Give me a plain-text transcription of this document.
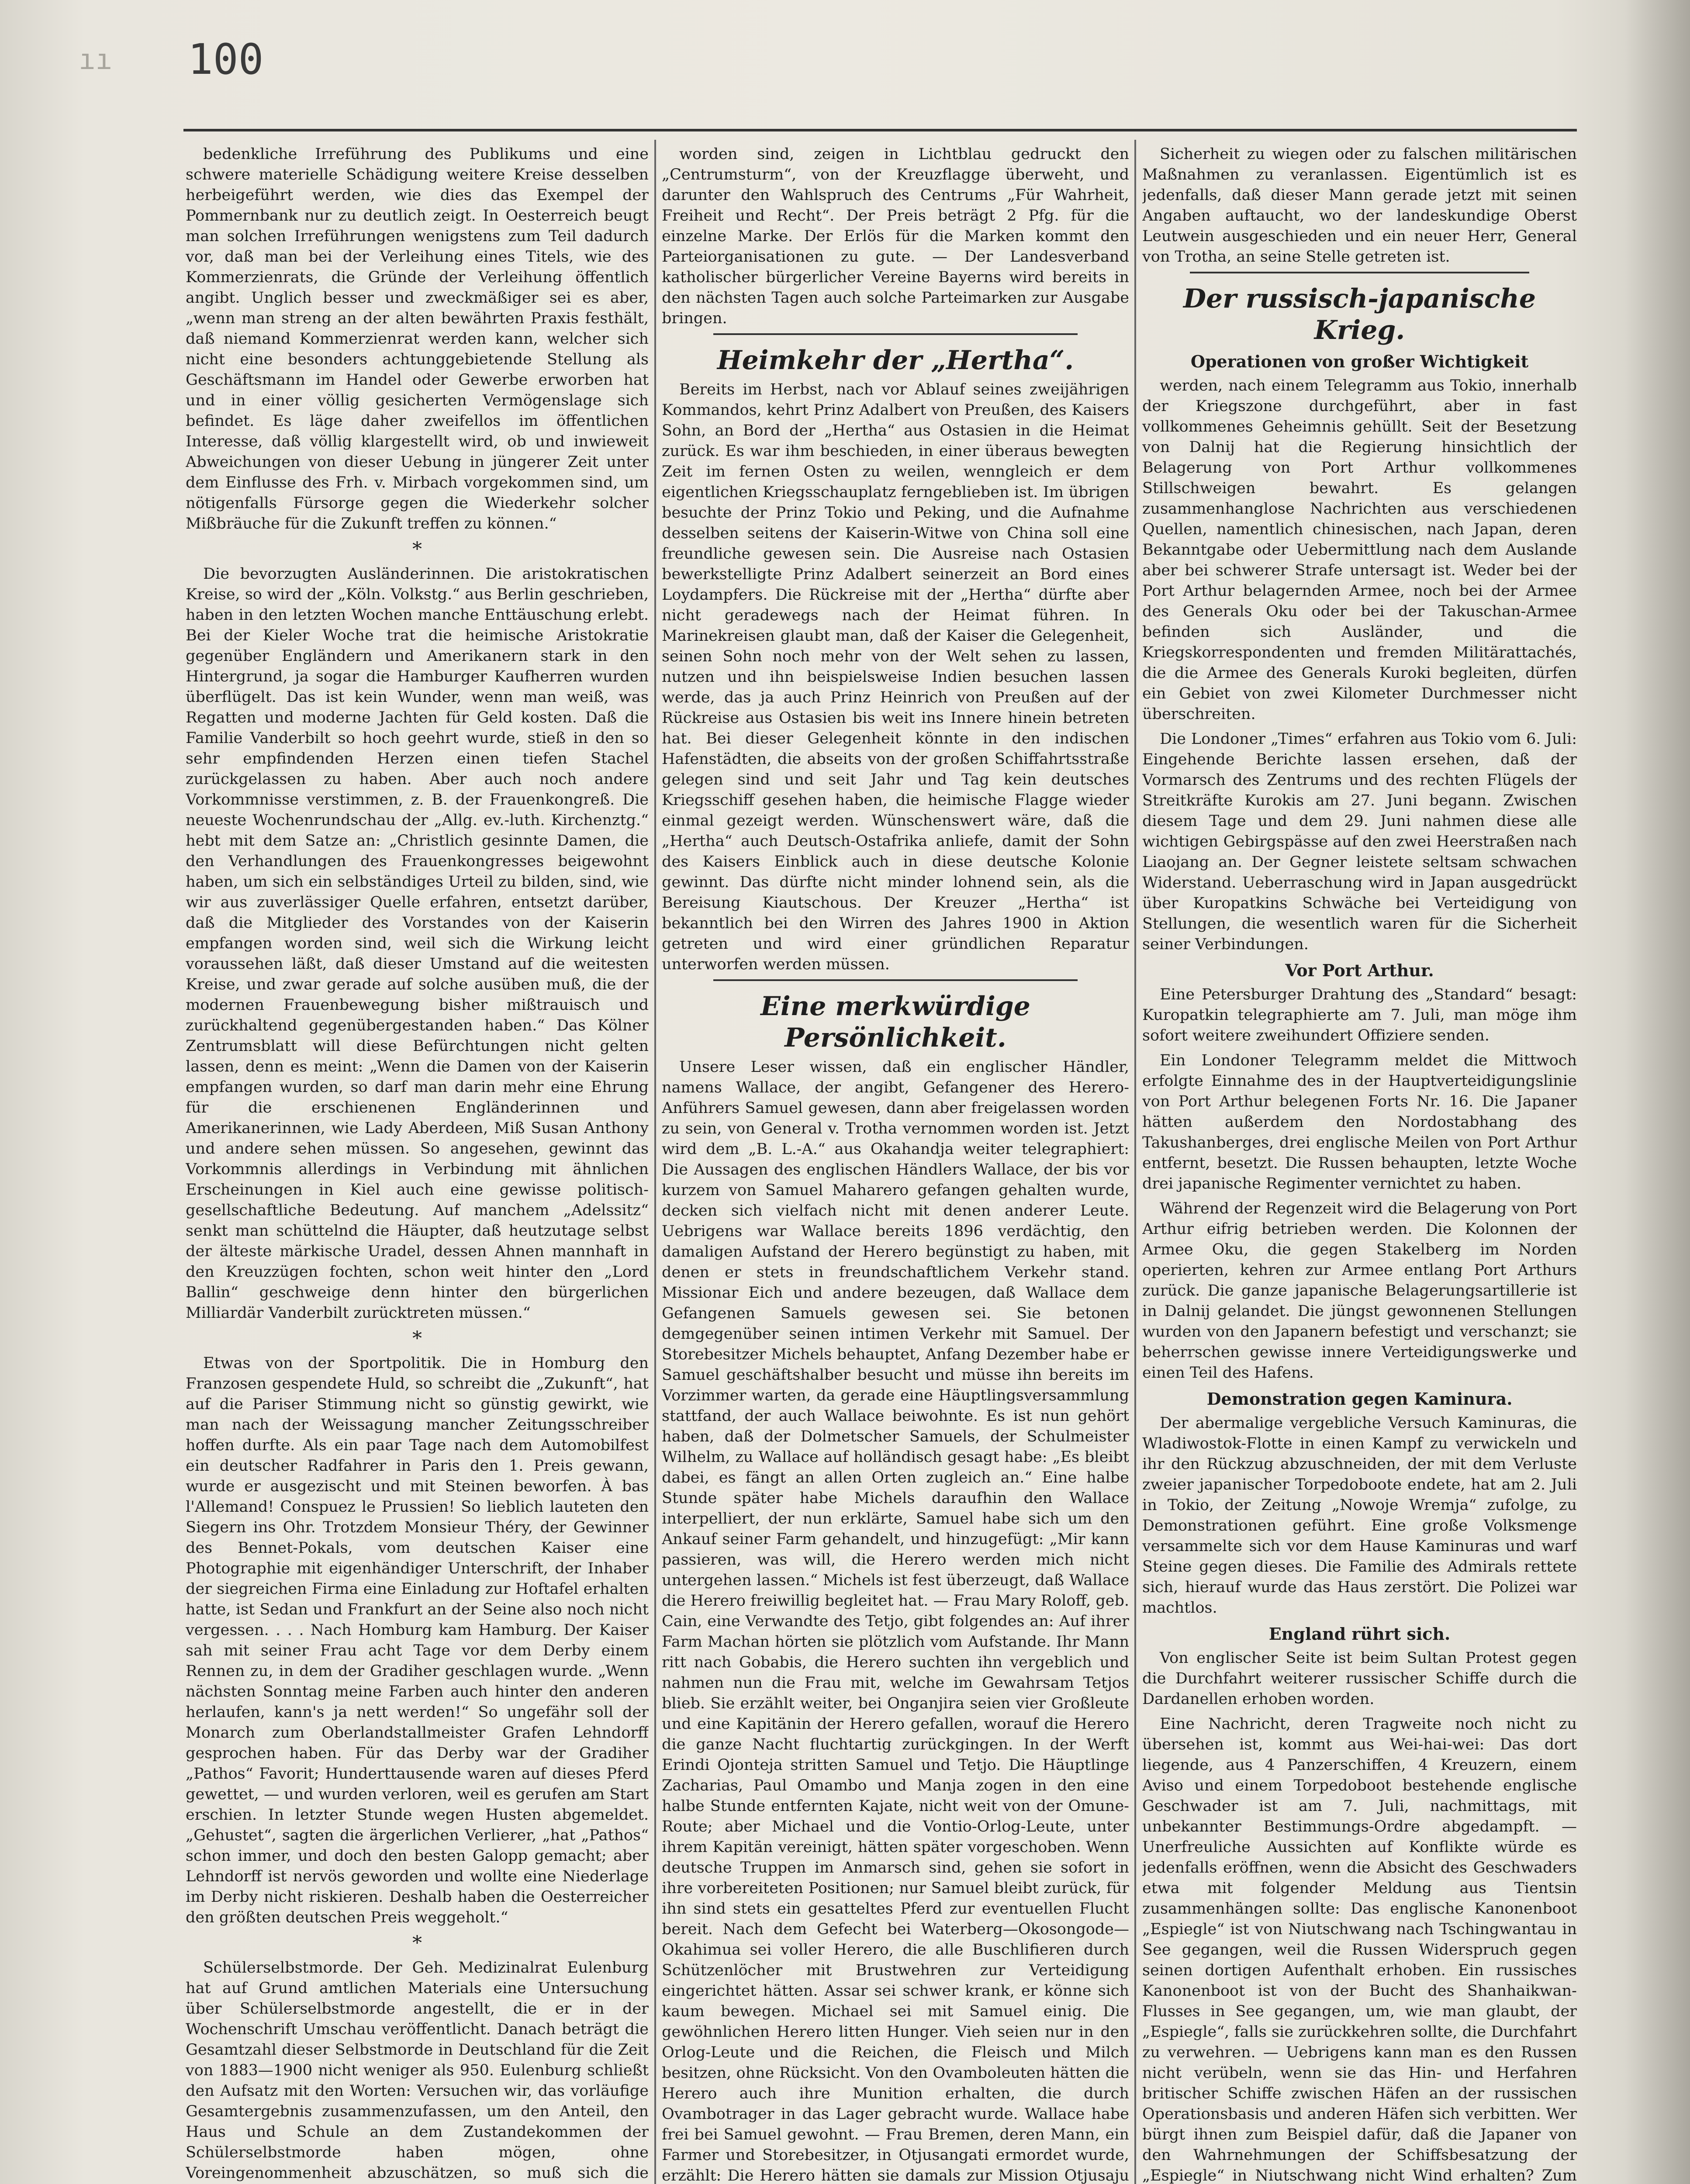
ıı 100

bedenkliche Irreführung des Publikums und eine schwere materielle Schädigung weitere Kreise desselben herbeigeführt werden, wie dies das Exempel der Pommernbank nur zu deutlich zeigt. In Oesterreich beugt man solchen Irreführungen wenigstens zum Teil dadurch vor, daß man bei der Verleihung eines Titels, wie des Kommerzienrats, die Gründe der Verleihung öffentlich angibt. Unglich besser und zweckmäßiger sei es aber, „wenn man streng an der alten bewährten Praxis festhält, daß niemand Kommerzienrat werden kann, welcher sich nicht eine besonders achtunggebietende Stellung als Geschäftsmann im Handel oder Gewerbe erworben hat und in einer völlig gesicherten Vermögenslage sich befindet. Es läge daher zweifellos im öffentlichen Interesse, daß völlig klargestellt wird, ob und inwieweit Abweichungen von dieser Uebung in jüngerer Zeit unter dem Einflusse des Frh. v. Mirbach vorgekommen sind, um nötigenfalls Fürsorge gegen die Wiederkehr solcher Mißbräuche für die Zukunft treffen zu können.“

*

Die bevorzugten Ausländerinnen. Die aristokratischen Kreise, so wird der „Köln. Volkstg.“ aus Berlin geschrieben, haben in den letzten Wochen manche Enttäuschung erlebt. Bei der Kieler Woche trat die heimische Aristokratie gegenüber Engländern und Amerikanern stark in den Hintergrund, ja sogar die Hamburger Kaufherren wurden überflügelt. Das ist kein Wunder, wenn man weiß, was Regatten und moderne Jachten für Geld kosten. Daß die Familie Vanderbilt so hoch geehrt wurde, stieß in den so sehr empfindenden Herzen einen tiefen Stachel zurückgelassen zu haben. Aber auch noch andere Vorkommnisse verstimmen, z. B. der Frauenkongreß. Die neueste Wochenrundschau der „Allg. ev.-luth. Kirchenztg.“ hebt mit dem Satze an: „Christlich gesinnte Damen, die den Verhandlungen des Frauenkongresses beigewohnt haben, um sich ein selbständiges Urteil zu bilden, sind, wie wir aus zuverlässiger Quelle erfahren, entsetzt darüber, daß die Mitglieder des Vorstandes von der Kaiserin empfangen worden sind, weil sich die Wirkung leicht voraussehen läßt, daß dieser Umstand auf die weitesten Kreise, und zwar gerade auf solche ausüben muß, die der modernen Frauenbewegung bisher mißtrauisch und zurückhaltend gegenübergestanden haben.“ Das Kölner Zentrumsblatt will diese Befürchtungen nicht gelten lassen, denn es meint: „Wenn die Damen von der Kaiserin empfangen wurden, so darf man darin mehr eine Ehrung für die erschienenen Engländerinnen und Amerikanerinnen, wie Lady Aberdeen, Miß Susan Anthony und andere sehen müssen. So angesehen, gewinnt das Vorkommnis allerdings in Verbindung mit ähnlichen Erscheinungen in Kiel auch eine gewisse politisch-gesellschaftliche Bedeutung. Auf manchem „Adelssitz“ senkt man schüttelnd die Häupter, daß heutzutage selbst der älteste märkische Uradel, dessen Ahnen mannhaft in den Kreuzzügen fochten, schon weit hinter den „Lord Ballin“ geschweige denn hinter den bürgerlichen Milliardär Vanderbilt zurücktreten müssen.“

*

Etwas von der Sportpolitik. Die in Homburg den Franzosen gespendete Huld, so schreibt die „Zukunft“, hat auf die Pariser Stimmung nicht so günstig gewirkt, wie man nach der Weissagung mancher Zeitungsschreiber hoffen durfte. Als ein paar Tage nach dem Automobilfest ein deutscher Radfahrer in Paris den 1. Preis gewann, wurde er ausgezischt und mit Steinen beworfen. À bas l'Allemand! Conspuez le Prussien! So lieblich lauteten den Siegern ins Ohr. Trotzdem Monsieur Théry, der Gewinner des Bennet-Pokals, vom deutschen Kaiser eine Photographie mit eigenhändiger Unterschrift, der Inhaber der siegreichen Firma eine Einladung zur Hoftafel erhalten hatte, ist Sedan und Frankfurt an der Seine also noch nicht vergessen. . . . Nach Homburg kam Hamburg. Der Kaiser sah mit seiner Frau acht Tage vor dem Derby einem Rennen zu, in dem der Gradiher geschlagen wurde. „Wenn nächsten Sonntag meine Farben auch hinter den anderen herlaufen, kann's ja nett werden!“ So ungefähr soll der Monarch zum Oberlandstallmeister Grafen Lehndorff gesprochen haben. Für das Derby war der Gradiher „Pathos“ Favorit; Hunderttausende waren auf dieses Pferd gewettet, — und wurden verloren, weil es gerufen am Start erschien. In letzter Stunde wegen Husten abgemeldet. „Gehustet“, sagten die ärgerlichen Verlierer, „hat „Pathos“ schon immer, und doch den besten Galopp gemacht; aber Lehndorff ist nervös geworden und wollte eine Niederlage im Derby nicht riskieren. Deshalb haben die Oesterreicher den größten deutschen Preis weggeholt.“

*

Schülerselbstmorde. Der Geh. Medizinalrat Eulenburg hat auf Grund amtlichen Materials eine Untersuchung über Schülerselbstmorde angestellt, die er in der Wochenschrift Umschau veröffentlicht. Danach beträgt die Gesamtzahl dieser Selbstmorde in Deutschland für die Zeit von 1883—1900 nicht weniger als 950. Eulenburg schließt den Aufsatz mit den Worten: Versuchen wir, das vorläufige Gesamtergebnis zusammenzufassen, um den Anteil, den Haus und Schule an dem Zustandekommen der Schülerselbstmorde haben mögen, ohne Voreingenommenheit abzuschätzen, so muß sich die

worden sind, zeigen in Lichtblau gedruckt den „Centrumsturm“, von der Kreuzflagge überweht, und darunter den Wahlspruch des Centrums „Für Wahrheit, Freiheit und Recht“. Der Preis beträgt 2 Pfg. für die einzelne Marke. Der Erlös für die Marken kommt den Parteiorganisationen zu gute. — Der Landesverband katholischer bürgerlicher Vereine Bayerns wird bereits in den nächsten Tagen auch solche Parteimarken zur Ausgabe bringen.

Heimkehr der „Hertha“.

Bereits im Herbst, nach vor Ablauf seines zweijährigen Kommandos, kehrt Prinz Adalbert von Preußen, des Kaisers Sohn, an Bord der „Hertha“ aus Ostasien in die Heimat zurück. Es war ihm beschieden, in einer überaus bewegten Zeit im fernen Osten zu weilen, wenngleich er dem eigentlichen Kriegsschauplatz ferngeblieben ist. Im übrigen besuchte der Prinz Tokio und Peking, und die Aufnahme desselben seitens der Kaiserin-Witwe von China soll eine freundliche gewesen sein. Die Ausreise nach Ostasien bewerkstelligte Prinz Adalbert seinerzeit an Bord eines Loydampfers. Die Rückreise mit der „Hertha“ dürfte aber nicht geradewegs nach der Heimat führen. In Marinekreisen glaubt man, daß der Kaiser die Gelegenheit, seinen Sohn noch mehr von der Welt sehen zu lassen, nutzen und ihn beispielsweise Indien besuchen lassen werde, das ja auch Prinz Heinrich von Preußen auf der Rückreise aus Ostasien bis weit ins Innere hinein betreten hat. Bei dieser Gelegenheit könnte in den indischen Hafenstädten, die abseits von der großen Schiffahrtsstraße gelegen sind und seit Jahr und Tag kein deutsches Kriegsschiff gesehen haben, die heimische Flagge wieder einmal gezeigt werden. Wünschenswert wäre, daß die „Hertha“ auch Deutsch-Ostafrika anliefe, damit der Sohn des Kaisers Einblick auch in diese deutsche Kolonie gewinnt. Das dürfte nicht minder lohnend sein, als die Bereisung Kiautschous. Der Kreuzer „Hertha“ ist bekanntlich bei den Wirren des Jahres 1900 in Aktion getreten und wird einer gründlichen Reparatur unterworfen werden müssen.

Eine merkwürdige Persönlichkeit.

Unsere Leser wissen, daß ein englischer Händler, namens Wallace, der angibt, Gefangener des Herero-Anführers Samuel gewesen, dann aber freigelassen worden zu sein, von General v. Trotha vernommen worden ist. Jetzt wird dem „B. L.-A.“ aus Okahandja weiter telegraphiert: Die Aussagen des englischen Händlers Wallace, der bis vor kurzem von Samuel Maharero gefangen gehalten wurde, decken sich vielfach nicht mit denen anderer Leute. Uebrigens war Wallace bereits 1896 verdächtig, den damaligen Aufstand der Herero begünstigt zu haben, mit denen er stets in freundschaftlichem Verkehr stand. Missionar Eich und andere bezeugen, daß Wallace dem Gefangenen Samuels gewesen sei. Sie betonen demgegenüber seinen intimen Verkehr mit Samuel. Der Storebesitzer Michels behauptet, Anfang Dezember habe er Samuel geschäftshalber besucht und müsse ihn bereits im Vorzimmer warten, da gerade eine Häuptlingsversammlung stattfand, der auch Wallace beiwohnte. Es ist nun gehört haben, daß der Dolmetscher Samuels, der Schulmeister Wilhelm, zu Wallace auf holländisch gesagt habe: „Es bleibt dabei, es fängt an allen Orten zugleich an.“ Eine halbe Stunde später habe Michels daraufhin den Wallace interpelliert, der nun erklärte, Samuel habe sich um den Ankauf seiner Farm gehandelt, und hinzugefügt: „Mir kann passieren, was will, die Herero werden mich nicht untergehen lassen.“ Michels ist fest überzeugt, daß Wallace die Herero freiwillig begleitet hat. — Frau Mary Roloff, geb. Cain, eine Verwandte des Tetjo, gibt folgendes an: Auf ihrer Farm Machan hörten sie plötzlich vom Aufstande. Ihr Mann ritt nach Gobabis, die Herero suchten ihn vergeblich und nahmen nun die Frau mit, welche im Gewahrsam Tetjos blieb. Sie erzählt weiter, bei Onganjira seien vier Großleute und eine Kapitänin der Herero gefallen, worauf die Herero die ganze Nacht fluchtartig zurückgingen. In der Werft Erindi Ojonteja stritten Samuel und Tetjo. Die Häuptlinge Zacharias, Paul Omambo und Manja zogen in den eine halbe Stunde entfernten Kajate, nicht weit von der Omune-Route; aber Michael und die Vontio-Orlog-Leute, unter ihrem Kapitän vereinigt, hätten später vorgeschoben. Wenn deutsche Truppen im Anmarsch sind, gehen sie sofort in ihre vorbereiteten Positionen; nur Samuel bleibt zurück, für ihn sind stets ein gesatteltes Pferd zur eventuellen Flucht bereit. Nach dem Gefecht bei Waterberg—Okosongode—Okahimua sei voller Herero, die alle Buschlifieren durch Schützenlöcher mit Brustwehren zur Verteidigung eingerichtet hätten. Assar sei schwer krank, er könne sich kaum bewegen. Michael sei mit Samuel einig. Die gewöhnlichen Herero litten Hunger. Vieh seien nur in den Orlog-Leute und die Reichen, die Fleisch und Milch besitzen, ohne Rücksicht. Von den Ovamboleuten hätten die Herero auch ihre Munition erhalten, die durch Ovambotrager in das Lager gebracht wurde. Wallace habe frei bei Samuel gewohnt. — Frau Bremen, deren Mann, ein Farmer und Storebesitzer, in Otjusangati ermordet wurde, erzählt: Die Herero hätten sie damals zur Mission Otjusaju

Sicherheit zu wiegen oder zu falschen militärischen Maßnahmen zu veranlassen. Eigentümlich ist es jedenfalls, daß dieser Mann gerade jetzt mit seinen Angaben auftaucht, wo der landeskundige Oberst Leutwein ausgeschieden und ein neuer Herr, General von Trotha, an seine Stelle getreten ist.

Der russisch-japanische Krieg.
Operationen von großer Wichtigkeit

werden, nach einem Telegramm aus Tokio, innerhalb der Kriegszone durchgeführt, aber in fast vollkommenes Geheimnis gehüllt. Seit der Besetzung von Dalnij hat die Regierung hinsichtlich der Belagerung von Port Arthur vollkommenes Stillschweigen bewahrt. Es gelangen zusammenhanglose Nachrichten aus verschiedenen Quellen, namentlich chinesischen, nach Japan, deren Bekanntgabe oder Uebermittlung nach dem Auslande aber bei schwerer Strafe untersagt ist. Weder bei der Port Arthur belagernden Armee, noch bei der Armee des Generals Oku oder bei der Takuschan-Armee befinden sich Ausländer, und die Kriegskorrespondenten und fremden Militärattachés, die die Armee des Generals Kuroki begleiten, dürfen ein Gebiet von zwei Kilometer Durchmesser nicht überschreiten.

Die Londoner „Times“ erfahren aus Tokio vom 6. Juli: Eingehende Berichte lassen ersehen, daß der Vormarsch des Zentrums und des rechten Flügels der Streitkräfte Kurokis am 27. Juni begann. Zwischen diesem Tage und dem 29. Juni nahmen diese alle wichtigen Gebirgspässe auf den zwei Heerstraßen nach Liaojang an. Der Gegner leistete seltsam schwachen Widerstand. Ueberraschung wird in Japan ausgedrückt über Kuropatkins Schwäche bei Verteidigung von Stellungen, die wesentlich waren für die Sicherheit seiner Verbindungen.

Vor Port Arthur.

Eine Petersburger Drahtung des „Standard“ besagt: Kuropatkin telegraphierte am 7. Juli, man möge ihm sofort weitere zweihundert Offiziere senden.

Ein Londoner Telegramm meldet die Mittwoch erfolgte Einnahme des in der Hauptverteidigungslinie von Port Arthur belegenen Forts Nr. 16. Die Japaner hätten außerdem den Nordostabhang des Takushanberges, drei englische Meilen von Port Arthur entfernt, besetzt. Die Russen behaupten, letzte Woche drei japanische Regimenter vernichtet zu haben.

Während der Regenzeit wird die Belagerung von Port Arthur eifrig betrieben werden. Die Kolonnen der Armee Oku, die gegen Stakelberg im Norden operierten, kehren zur Armee entlang Port Arthurs zurück. Die ganze japanische Belagerungsartillerie ist in Dalnij gelandet. Die jüngst gewonnenen Stellungen wurden von den Japanern befestigt und verschanzt; sie beherrschen gewisse innere Verteidigungswerke und einen Teil des Hafens.

Demonstration gegen Kaminura.

Der abermalige vergebliche Versuch Kaminuras, die Wladiwostok-Flotte in einen Kampf zu verwickeln und ihr den Rückzug abzuschneiden, der mit dem Verluste zweier japanischer Torpedoboote endete, hat am 2. Juli in Tokio, der Zeitung „Nowoje Wremja“ zufolge, zu Demonstrationen geführt. Eine große Volksmenge versammelte sich vor dem Hause Kaminuras und warf Steine gegen dieses. Die Familie des Admirals rettete sich, hierauf wurde das Haus zerstört. Die Polizei war machtlos.

England rührt sich.

Von englischer Seite ist beim Sultan Protest gegen die Durchfahrt weiterer russischer Schiffe durch die Dardanellen erhoben worden.

Eine Nachricht, deren Tragweite noch nicht zu übersehen ist, kommt aus Wei-hai-wei: Das dort liegende, aus 4 Panzerschiffen, 4 Kreuzern, einem Aviso und einem Torpedoboot bestehende englische Geschwader ist am 7. Juli, nachmittags, mit unbekannter Bestimmungs-Ordre abgedampft. — Unerfreuliche Aussichten auf Konflikte würde es jedenfalls eröffnen, wenn die Absicht des Geschwaders etwa mit folgender Meldung aus Tientsin zusammenhängen sollte: Das englische Kanonenboot „Espiegle“ ist von Niutschwang nach Tschingwantau in See gegangen, weil die Russen Widerspruch gegen seinen dortigen Aufenthalt erhoben. Ein russisches Kanonenboot ist von der Bucht des Shanhaikwan-Flusses in See gegangen, um, wie man glaubt, der „Espiegle“, falls sie zurückkehren sollte, die Durchfahrt zu verwehren. — Uebrigens kann man es den Russen nicht verübeln, wenn sie das Hin- und Herfahren britischer Schiffe zwischen Häfen an der russischen Operationsbasis und anderen Häfen sich verbitten. Wer bürgt ihnen zum Beispiel dafür, daß die Japaner von den Wahrnehmungen der Schiffsbesatzung der „Espiegle“ in Niutschwang nicht Wind erhalten? Zum
